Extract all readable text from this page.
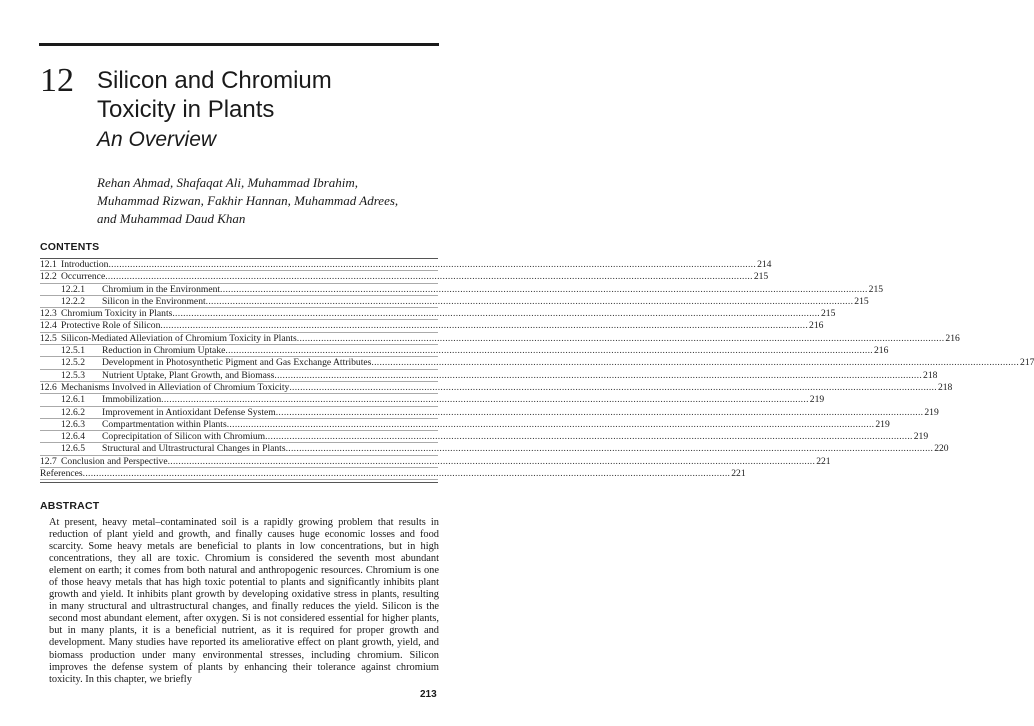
12 Silicon and Chromium
Toxicity in Plants
An Overview
Rehan Ahmad, Shafaqat Ali, Muhammad Ibrahim,
Muhammad Rizwan, Fakhir Hannan, Muhammad Adrees,
and Muhammad Daud Khan
CONTENTS
12.1 Introduction .....	214
12.2 Occurrence .....	215
12.2.1	Chromium in the Environment .....	215
12.2.2	Silicon in the Environment .....	215
12.3 Chromium Toxicity in Plants .....	215
12.4 Protective Role of Silicon .....	216
12.5 Silicon-Mediated Alleviation of Chromium Toxicity in Plants .....	216
12.5.1	Reduction in Chromium Uptake .....	216
12.5.2	Development in Photosynthetic Pigment and Gas Exchange Attributes .....	217
12.5.3	Nutrient Uptake, Plant Growth, and Biomass .....	218
12.6 Mechanisms Involved in Alleviation of Chromium Toxicity .....	218
12.6.1	Immobilization .....	219
12.6.2	Improvement in Antioxidant Defense System .....	219
12.6.3	Compartmentation within Plants .....	219
12.6.4	Coprecipitation of Silicon with Chromium .....	219
12.6.5	Structural and Ultrastructural Changes in Plants .....	220
12.7 Conclusion and Perspective .....	221
References .....	221
ABSTRACT
At present, heavy metal–contaminated soil is a rapidly growing problem that results in reduction of plant yield and growth, and finally causes huge economic losses and food scarcity. Some heavy metals are beneficial to plants in low concentrations, but in high concentrations, they all are toxic. Chromium is considered the seventh most abundant element on earth; it comes from both natural and anthropogenic resources. Chromium is one of those heavy metals that has high toxic potential to plants and significantly inhibits plant growth and yield. It inhibits plant growth by developing oxidative stress in plants, resulting in many structural and ultrastructural changes, and finally reduces the yield. Silicon is the second most abundant element, after oxygen. Si is not considered essential for higher plants, but in many plants, it is a beneficial nutrient, as it is required for proper growth and development. Many studies have reported its ameliorative effect on plant growth, yield, and biomass production under many environmental stresses, including chromium. Silicon improves the defense system of plants by enhancing their tolerance against chromium toxicity. In this chapter, we briefly
213
